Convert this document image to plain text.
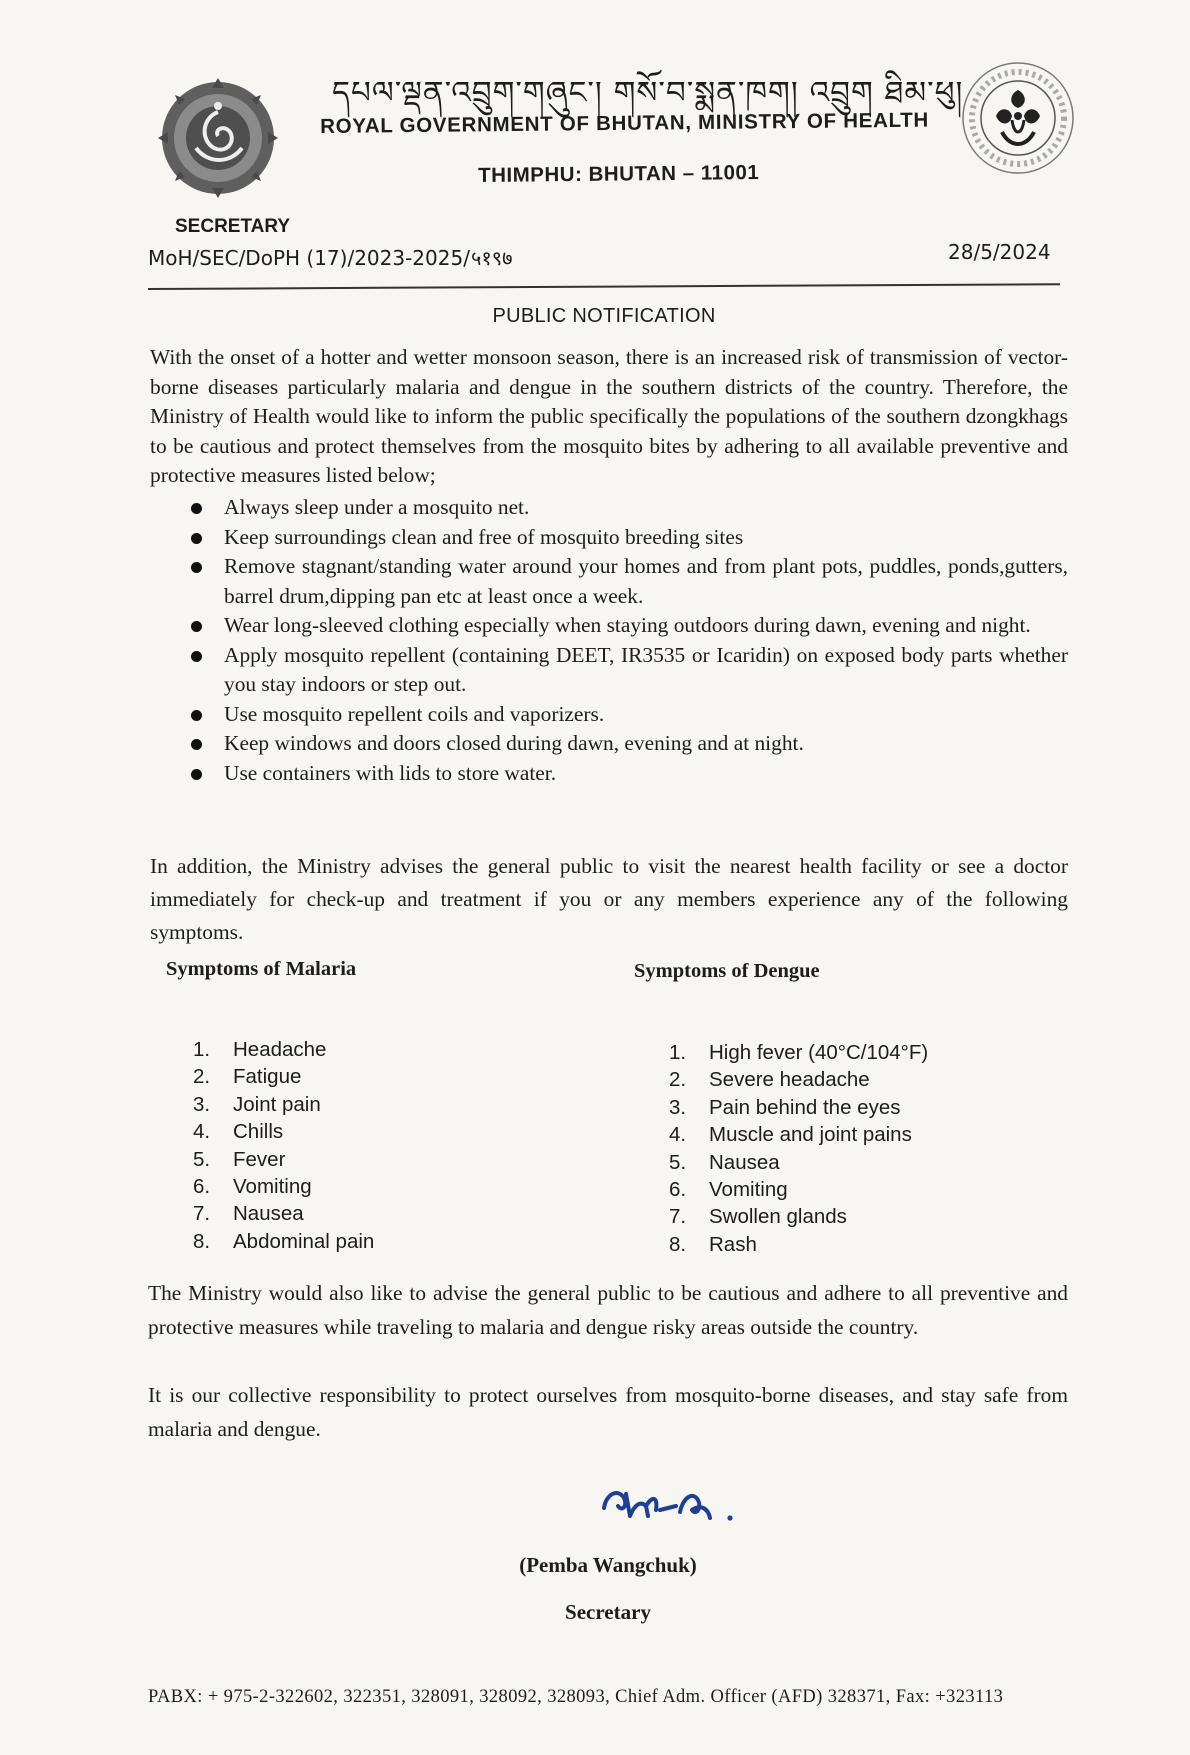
དཔལ་ལྡན་འབྲུག་གཞུང་། གསོ་བ་སྨན་ཁག། འབྲུག ཐིམ་ཕུ།
ROYAL GOVERNMENT OF BHUTAN, MINISTRY OF HEALTH
THIMPHU: BHUTAN – 11001
SECRETARY
MoH/SEC/DoPH (17)/2023-2025/५१९७	28/5/2024
PUBLIC NOTIFICATION
With the onset of a hotter and wetter monsoon season, there is an increased risk of transmission of vector-borne diseases particularly malaria and dengue in the southern districts of the country. Therefore, the Ministry of Health would like to inform the public specifically the populations of the southern dzongkhags to be cautious and protect themselves from the mosquito bites by adhering to all available preventive and protective measures listed below;
Always sleep under a mosquito net.
Keep surroundings clean and free of mosquito breeding sites
Remove stagnant/standing water around your homes and from plant pots, puddles, ponds,gutters, barrel drum,dipping pan etc at least once a week.
Wear long-sleeved clothing especially when staying outdoors during dawn, evening and night.
Apply mosquito repellent (containing DEET, IR3535 or Icaridin) on exposed body parts whether you stay indoors or step out.
Use mosquito repellent coils and vaporizers.
Keep windows and doors closed during dawn, evening and at night.
Use containers with lids to store water.
In addition, the Ministry advises the general public to visit the nearest health facility or see a doctor immediately for check-up and treatment if you or any members experience any of the following symptoms.
Symptoms of Malaria	Symptoms of Dengue
1. Headache
2. Fatigue
3. Joint pain
4. Chills
5. Fever
6. Vomiting
7. Nausea
8. Abdominal pain
1. High fever (40°C/104°F)
2. Severe headache
3. Pain behind the eyes
4. Muscle and joint pains
5. Nausea
6. Vomiting
7. Swollen glands
8. Rash
The Ministry would also like to advise the general public to be cautious and adhere to all preventive and protective measures while traveling to malaria and dengue risky areas outside the country.
It is our collective responsibility to protect ourselves from mosquito-borne diseases, and stay safe from malaria and dengue.
(Pemba Wangchuk)
Secretary
PABX: + 975-2-322602, 322351, 328091, 328092, 328093, Chief Adm. Officer (AFD) 328371, Fax: +323113
